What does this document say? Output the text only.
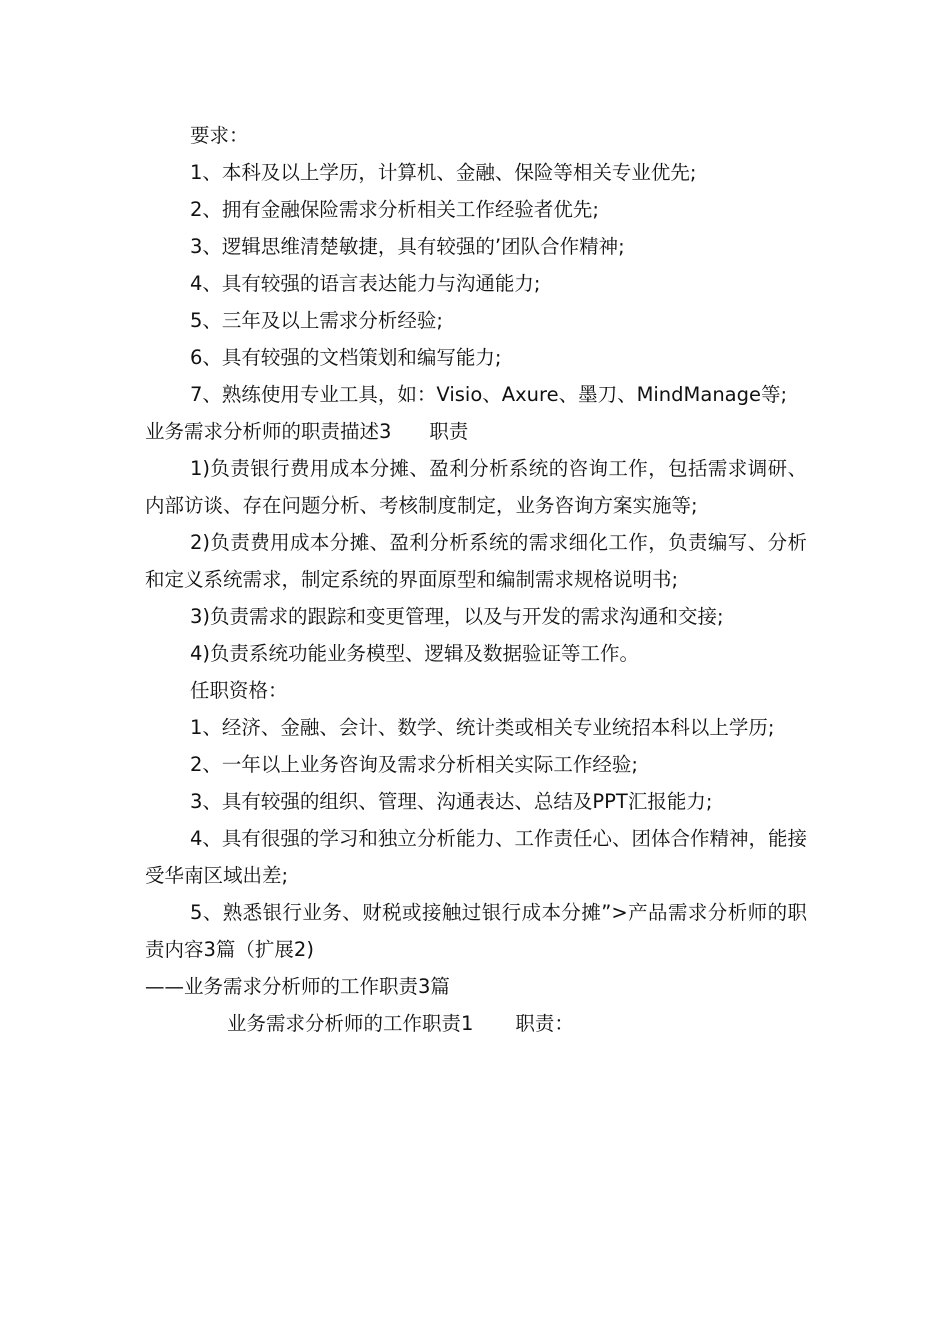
要求：

1、本科及以上学历，计算机、金融、保险等相关专业优先;

2、拥有金融保险需求分析相关工作经验者优先;

3、逻辑思维清楚敏捷，具有较强的’团队合作精神;

4、具有较强的语言表达能力与沟通能力;

5、三年及以上需求分析经验;

6、具有较强的文档策划和编写能力;

7、熟练使用专业工具，如：Visio、Axure、墨刀、MindManage等;

业务需求分析师的职责描述3 职责

1)负责银行费用成本分摊、盈利分析系统的咨询工作，包括需求调研、内部访谈、存在问题分析、考核制度制定，业务咨询方案实施等;

2)负责费用成本分摊、盈利分析系统的需求细化工作，负责编写、分析和定义系统需求，制定系统的界面原型和编制需求规格说明书;

3)负责需求的跟踪和变更管理，以及与开发的需求沟通和交接;

4)负责系统功能业务模型、逻辑及数据验证等工作。

任职资格：

1、经济、金融、会计、数学、统计类或相关专业统招本科以上学历;

2、一年以上业务咨询及需求分析相关实际工作经验;

3、具有较强的组织、管理、沟通表达、总结及PPT汇报能力;

4、具有很强的学习和独立分析能力、工作责任心、团体合作精神，能接受华南区域出差;

5、熟悉银行业务、财税或接触过银行成本分摊”>产品需求分析师的职责内容3篇（扩展2)

——业务需求分析师的工作职责3篇

业务需求分析师的工作职责1 职责：
